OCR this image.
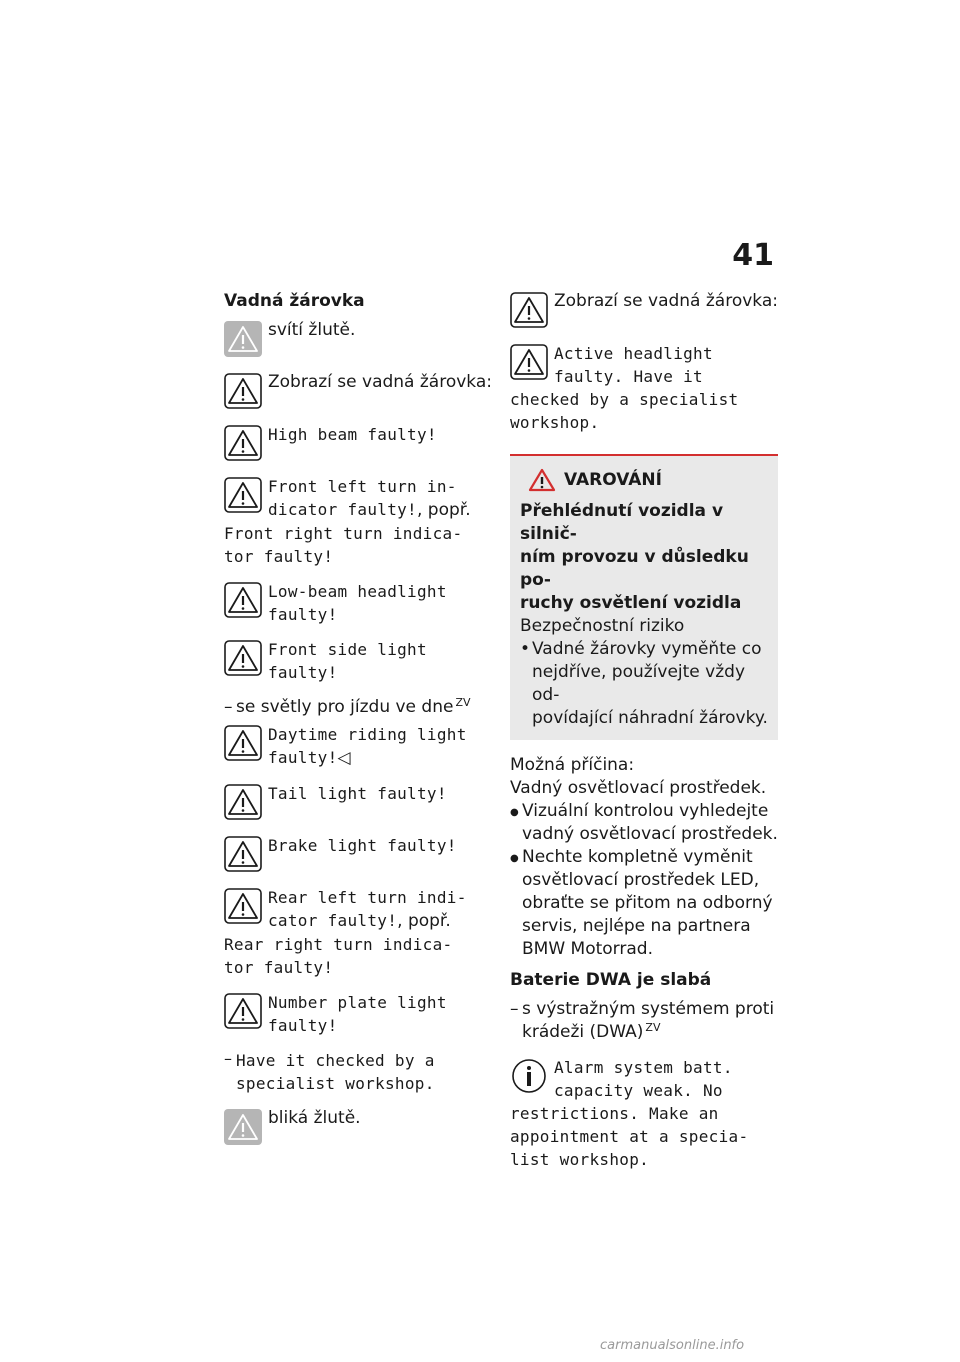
41
Vadná žárovka
svítí žlutě.
Zobrazí se vadná žárovka:
High beam faulty!
Front left turn in-
dicator faulty!, popř.
Front right turn indica-
tor faulty!
Low-beam headlight
faulty!
Front side light
faulty!
– se světly pro jízdu ve dne $^{ZV}$
Daytime riding light
faulty!◁
Tail light faulty!
Brake light faulty!
Rear left turn indi-
cator faulty!, popř.
Rear right turn indica-
tor faulty!
Number plate light
faulty!
– Have it checked by a specialist workshop.
bliká žlutě.
Zobrazí se vadná žárovka:
Active headlight
faulty. Have it
checked by a specialist
workshop.
VAROVÁNÍ
Přehlédnutí vozidla v silnič-
ním provozu v důsledku po-
ruchy osvětlení vozidla
Bezpečnostní riziko
• Vadné žárovky vyměňte co
nejdříve, používejte vždy od-
povídající náhradní žárovky.
Možná příčina:
Vadný osvětlovací prostředek.
● Vizuální kontrolou vyhledejte
vadný osvětlovací prostředek.
● Nechte kompletně vyměnit
osvětlovací prostředek LED,
obraťte se přitom na odborný
servis, nejlépe na partnera
BMW Motorrad.
Baterie DWA je slabá
– s výstražným systémem proti
krádeži (DWA) $^{ZV}$
Alarm system batt.
capacity weak. No
restrictions. Make an
appointment at a specia-
list workshop.
carmanualsonline.info
